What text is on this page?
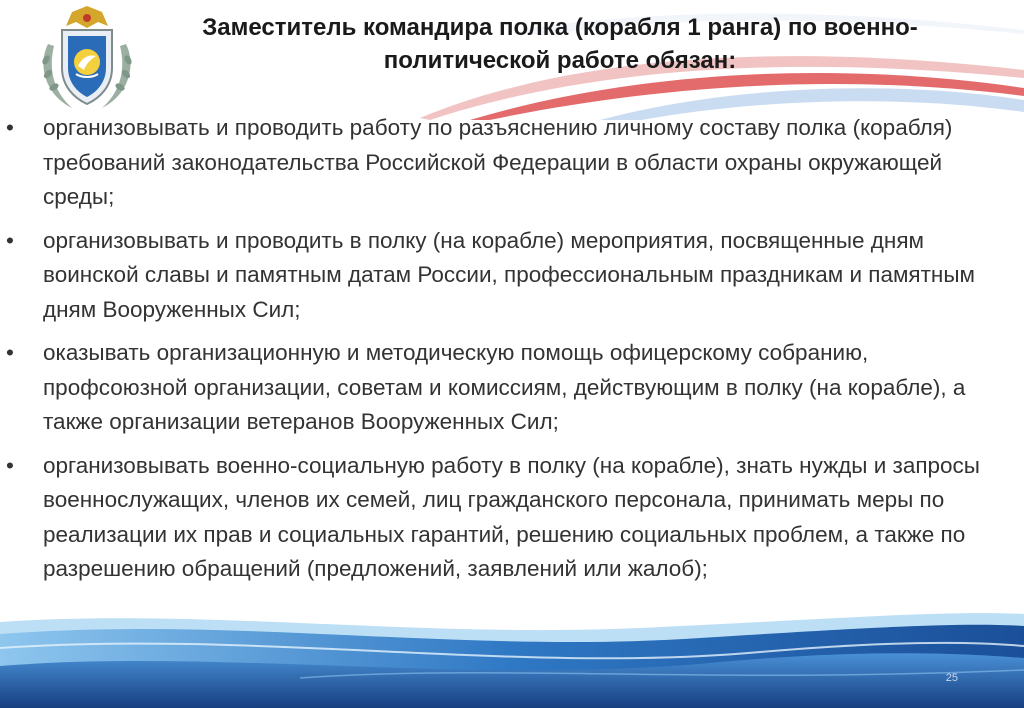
Заместитель командира полка (корабля 1 ранга) по военно-политической работе обязан:
•	организовывать и проводить работу по разъяснению личному составу полка (корабля) требований законодательства Российской Федерации в области охраны окружающей среды;
•	организовывать и проводить в полку (на корабле) мероприятия, посвященные дням воинской славы и памятным датам России, профессиональным праздникам и памятным дням Вооруженных Сил;
•	оказывать организационную и методическую помощь офицерскому собранию, профсоюзной организации, советам и комиссиям, действующим в полку (на корабле), а также организации ветеранов Вооруженных Сил;
•	организовывать военно-социальную работу в полку (на корабле), знать нужды и запросы военнослужащих, членов их семей, лиц гражданского персонала, принимать меры по реализации их прав и социальных гарантий, решению социальных проблем, а также по разрешению обращений (предложений, заявлений или жалоб);
25
